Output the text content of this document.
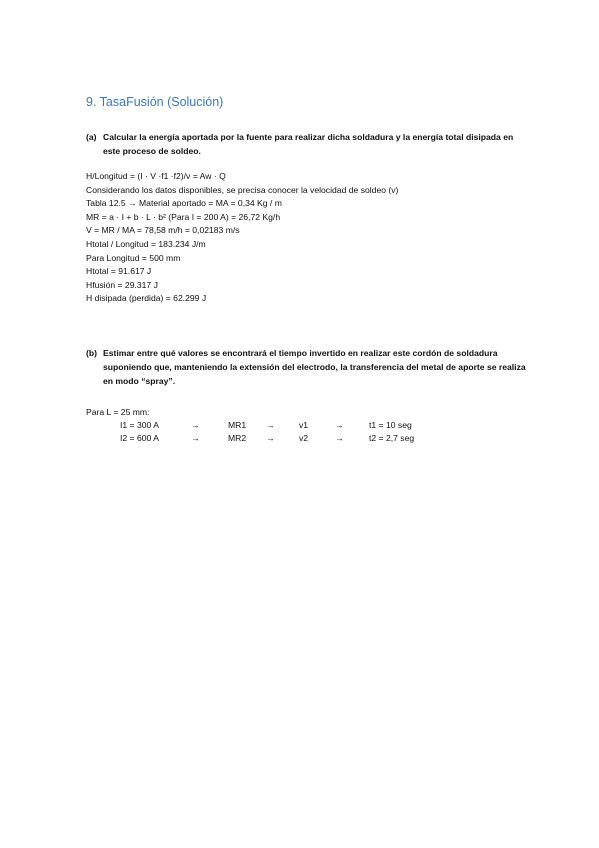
9. TasaFusión (Solución)
(a) Calcular la energía aportada por la fuente para realizar dicha soldadura y la energía total disipada en este proceso de soldeo.
H/Longitud = (I · V ·f1 ·f2)/v = Aw · Q
Considerando los datos disponibles, se precisa conocer la velocidad de soldeo (v)
Tabla 12.5 → Material aportado = MA = 0,34 Kg / m
MR = a · I + b · L · b² (Para I = 200 A) = 26,72 Kg/h
V = MR / MA = 78,58 m/h = 0,02183 m/s
Htotal / Longitud = 183.234 J/m
Para Longitud = 500 mm
Htotal = 91.617 J
Hfusión = 29.317 J
H disipada (perdida) = 62.299 J
(b) Estimar entre qué valores se encontrará el tiempo invertido en realizar este cordón de soldadura suponiendo que, manteniendo la extensión del electrodo, la transferencia del metal de aporte se realiza en modo “spray”.
Para L = 25 mm:
I1 = 300 A	→	MR1 →	v1	→	t1 = 10 seg
I2 = 600 A	→	MR2 →	v2	→	t2 = 2,7 seg
